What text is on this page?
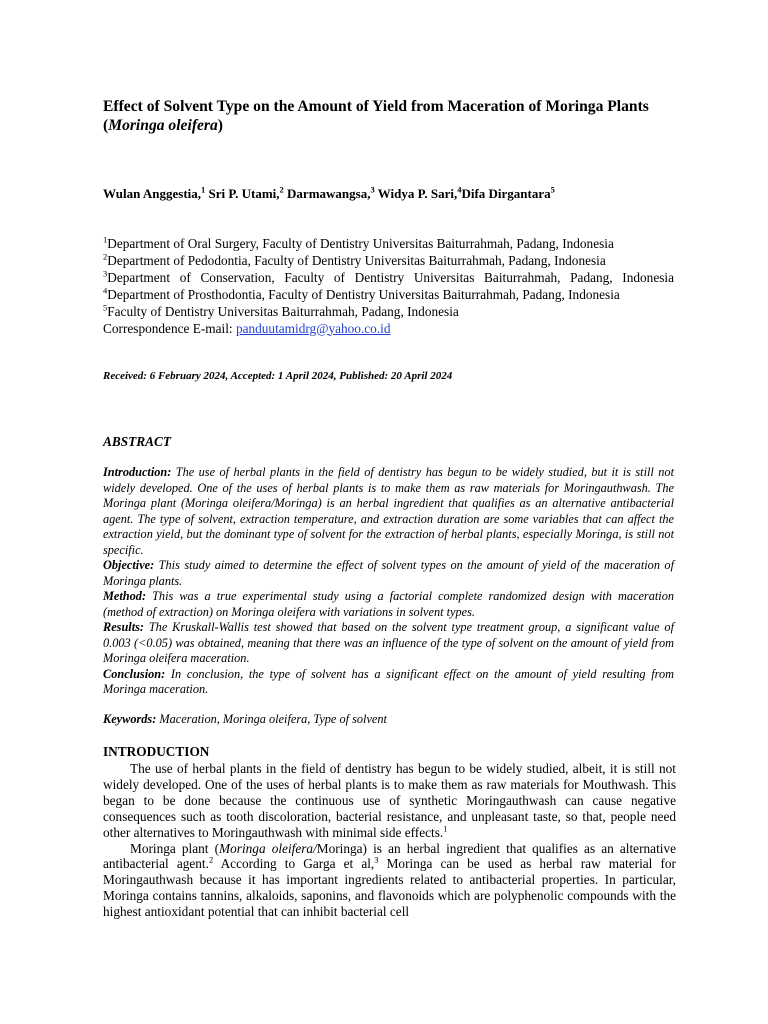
Effect of Solvent Type on the Amount of Yield from Maceration of Moringa Plants (Moringa oleifera)

Wulan Anggestia,$^1$ Sri P. Utami,$^2$ Darmawangsa,$^3$ Widya P. Sari,$^4$Difa Dirgantara$^5$

$^1$Department of Oral Surgery, Faculty of Dentistry Universitas Baiturrahmah, Padang, Indonesia

$^2$Department of Pedodontia, Faculty of Dentistry Universitas Baiturrahmah, Padang, Indonesia

$^3$Department of Conservation, Faculty of Dentistry Universitas Baiturrahmah, Padang, Indonesia $^4$Department of Prosthodontia, Faculty of Dentistry Universitas Baiturrahmah, Padang, Indonesia

$^5$Faculty of Dentistry Universitas Baiturrahmah, Padang, Indonesia

Correspondence E-mail: panduutamidrg@yahoo.co.id

Received: 6 February 2024, Accepted: 1 April 2024, Published: 20 April 2024

ABSTRACT

Introduction: The use of herbal plants in the field of dentistry has begun to be widely studied, but it is still not widely developed. One of the uses of herbal plants is to make them as raw materials for Moringauthwash. The Moringa plant (Moringa oleifera/Moringa) is an herbal ingredient that qualifies as an alternative antibacterial agent. The type of solvent, extraction temperature, and extraction duration are some variables that can affect the extraction yield, but the dominant type of solvent for the extraction of herbal plants, especially Moringa, is still not specific.

Objective: This study aimed to determine the effect of solvent types on the amount of yield of the maceration of Moringa plants.

Method: This was a true experimental study using a factorial complete randomized design with maceration (method of extraction) on Moringa oleifera with variations in solvent types.

Results: The Kruskall-Wallis test showed that based on the solvent type treatment group, a significant value of 0.003 (<0.05) was obtained, meaning that there was an influence of the type of solvent on the amount of yield from Moringa oleifera maceration.

Conclusion: In conclusion, the type of solvent has a significant effect on the amount of yield resulting from Moringa maceration.

Keywords: Maceration, Moringa oleifera, Type of solvent

INTRODUCTION

The use of herbal plants in the field of dentistry has begun to be widely studied, albeit, it is still not widely developed. One of the uses of herbal plants is to make them as raw materials for Mouthwash. This began to be done because the continuous use of synthetic Moringauthwash can cause negative consequences such as tooth discoloration, bacterial resistance, and unpleasant taste, so that, people need other alternatives to Moringauthwash with minimal side effects.$^1$

Moringa plant (Moringa oleifera/Moringa) is an herbal ingredient that qualifies as an alternative antibacterial agent.$^2$ According to Garga et al,$^3$ Moringa can be used as herbal raw material for Moringauthwash because it has important ingredients related to antibacterial properties. In particular, Moringa contains tannins, alkaloids, saponins, and flavonoids which are polyphenolic compounds with the highest antioxidant potential that can inhibit bacterial cell
